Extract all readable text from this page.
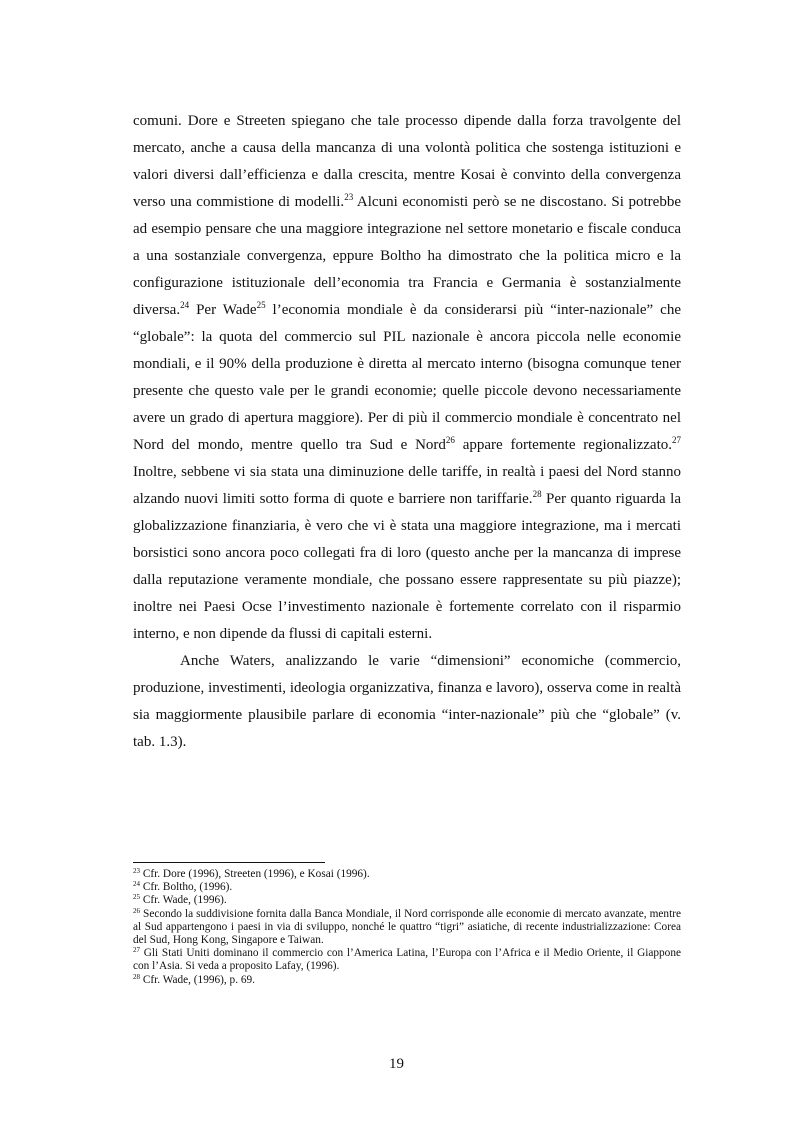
comuni. Dore e Streeten spiegano che tale processo dipende dalla forza travolgente del mercato, anche a causa della mancanza di una volontà politica che sostenga istituzioni e valori diversi dall’efficienza e dalla crescita, mentre Kosai è convinto della convergenza verso una commistione di modelli.$^{23}$ Alcuni economisti però se ne discostano. Si potrebbe ad esempio pensare che una maggiore integrazione nel settore monetario e fiscale conduca a una sostanziale convergenza, eppure Boltho ha dimostrato che la politica micro e la configurazione istituzionale dell’economia tra Francia e Germania è sostanzialmente diversa.$^{24}$ Per Wade$^{25}$ l’economia mondiale è da considerarsi più “inter-nazionale” che “globale”: la quota del commercio sul PIL nazionale è ancora piccola nelle economie mondiali, e il 90% della produzione è diretta al mercato interno (bisogna comunque tener presente che questo vale per le grandi economie; quelle piccole devono necessariamente avere un grado di apertura maggiore). Per di più il commercio mondiale è concentrato nel Nord del mondo, mentre quello tra Sud e Nord$^{26}$ appare fortemente regionalizzato.$^{27}$ Inoltre, sebbene vi sia stata una diminuzione delle tariffe, in realtà i paesi del Nord stanno alzando nuovi limiti sotto forma di quote e barriere non tariffarie.$^{28}$ Per quanto riguarda la globalizzazione finanziaria, è vero che vi è stata una maggiore integrazione, ma i mercati borsistici sono ancora poco collegati fra di loro (questo anche per la mancanza di imprese dalla reputazione veramente mondiale, che possano essere rappresentate su più piazze); inoltre nei Paesi Ocse l’investimento nazionale è fortemente correlato con il risparmio interno, e non dipende da flussi di capitali esterni.

Anche Waters, analizzando le varie “dimensioni” economiche (commercio, produzione, investimenti, ideologia organizzativa, finanza e lavoro), osserva come in realtà sia maggiormente plausibile parlare di economia “inter-nazionale” più che “globale” (v. tab. 1.3).

$^{23}$ Cfr. Dore (1996), Streeten (1996), e Kosai (1996).

$^{24}$ Cfr. Boltho, (1996).

$^{25}$ Cfr. Wade, (1996).

$^{26}$ Secondo la suddivisione fornita dalla Banca Mondiale, il Nord corrisponde alle economie di mercato avanzate, mentre al Sud appartengono i paesi in via di sviluppo, nonché le quattro “tigri” asiatiche, di recente industrializzazione: Corea del Sud, Hong Kong, Singapore e Taiwan.

$^{27}$ Gli Stati Uniti dominano il commercio con l’America Latina, l’Europa con l’Africa e il Medio Oriente, il Giappone con l’Asia. Si veda a proposito Lafay, (1996).

$^{28}$ Cfr. Wade, (1996), p. 69.

19
